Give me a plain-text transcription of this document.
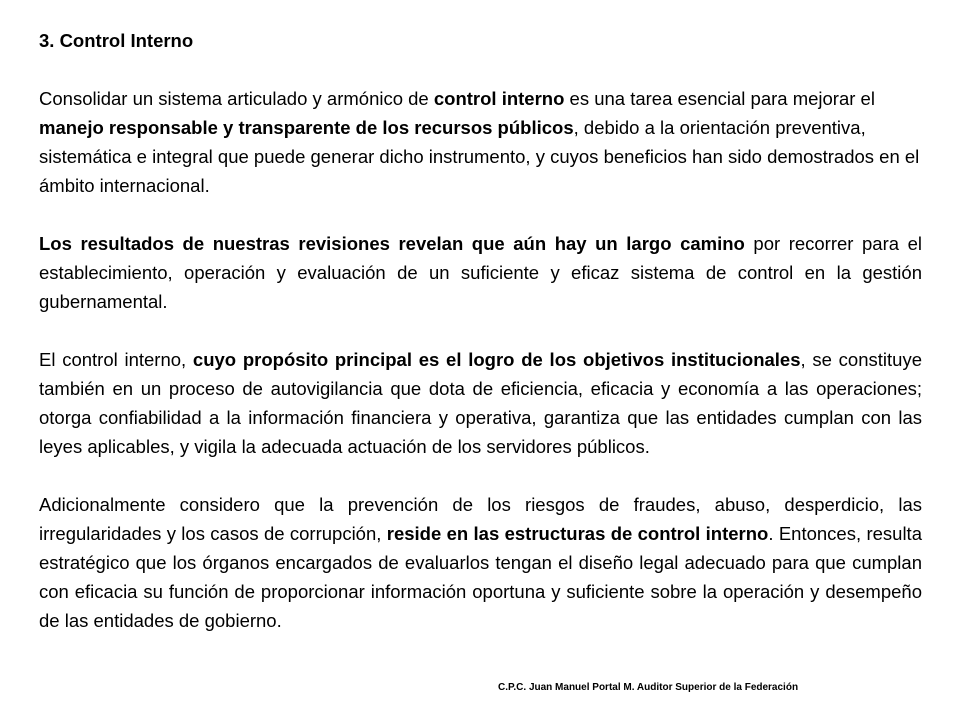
3. Control Interno

Consolidar un sistema articulado y armónico de control interno es una tarea esencial para mejorar el manejo responsable y transparente de los recursos públicos, debido a la orientación preventiva, sistemática e integral que puede generar dicho instrumento, y cuyos beneficios han sido demostrados en el ámbito internacional.

Los resultados de nuestras revisiones revelan que aún hay un largo camino por recorrer para el establecimiento, operación y evaluación de un suficiente y eficaz sistema de control en la gestión gubernamental.

El control interno, cuyo propósito principal es el logro de los objetivos institucionales, se constituye también en un proceso de autovigilancia que dota de eficiencia, eficacia y economía a las operaciones; otorga confiabilidad a la información financiera y operativa, garantiza que las entidades cumplan con las leyes aplicables, y vigila la adecuada actuación de los servidores públicos.

Adicionalmente considero que la prevención de los riesgos de fraudes, abuso, desperdicio, las irregularidades y los casos de corrupción, reside en las estructuras de control interno. Entonces, resulta estratégico que los órganos encargados de evaluarlos tengan el diseño legal adecuado para que cumplan con eficacia su función de proporcionar información oportuna y suficiente sobre la operación y desempeño de las entidades de gobierno.

C.P.C. Juan Manuel Portal M. Auditor Superior de la Federación
